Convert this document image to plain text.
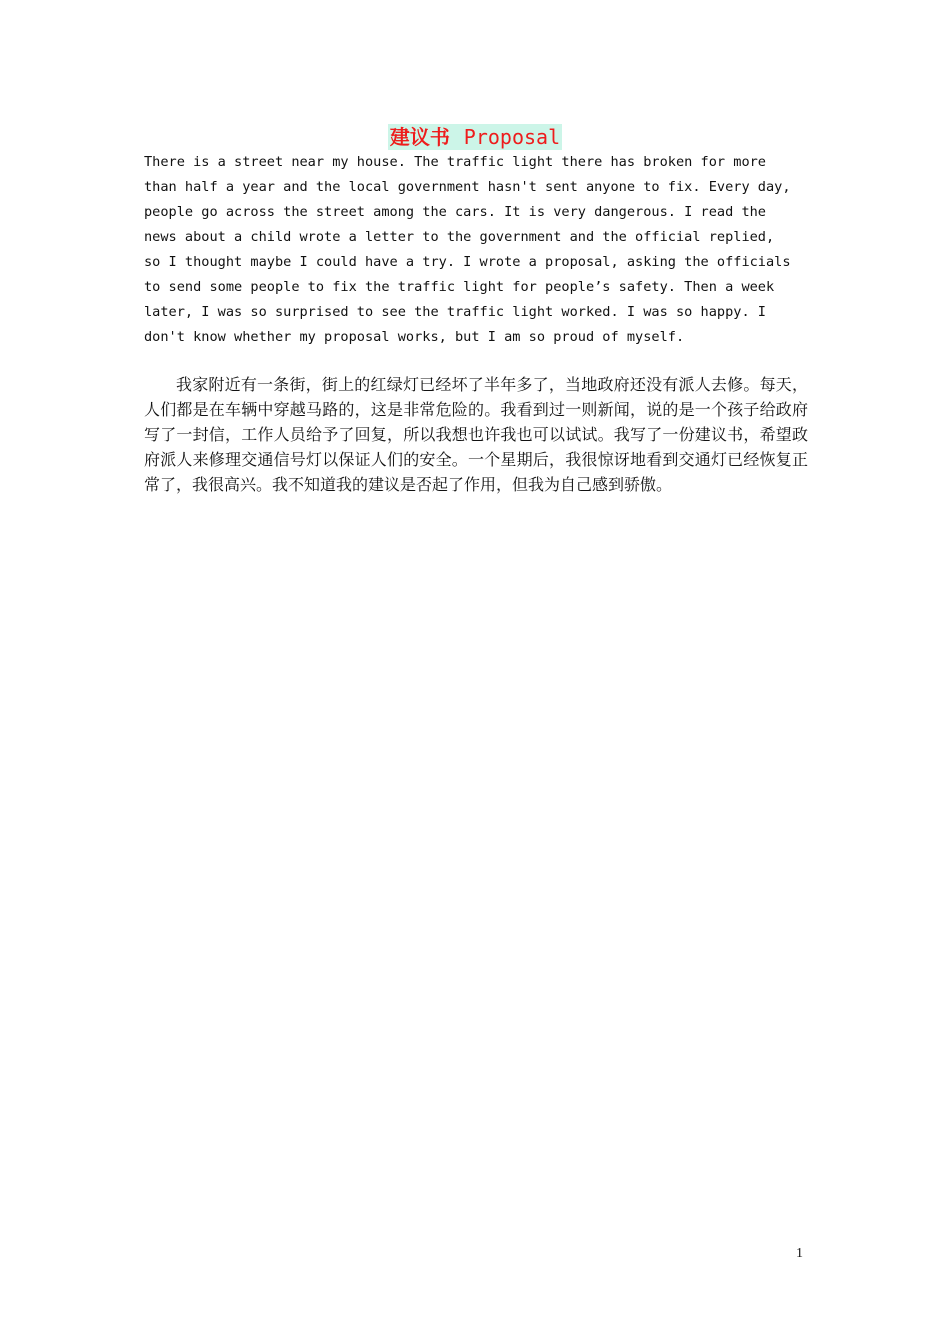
建议书 Proposal
There is a street near my house. The traffic light there has broken for more
than half a year and the local government hasn't sent anyone to fix. Every day,
people go across the street among the cars. It is very dangerous. I read the
news about a child wrote a letter to the government and the official replied,
so I thought maybe I could have a try. I wrote a proposal, asking the officials
to send some people to fix the traffic light for people’s safety. Then a week
later, I was so surprised to see the traffic light worked. I was so happy. I
don't know whether my proposal works, but I am so proud of myself.

我家附近有一条街，街上的红绿灯已经坏了半年多了，当地政府还没有派人去修。每天，人们都是在车辆中穿越马路的，这是非常危险的。我看到过一则新闻，说的是一个孩子给政府写了一封信，工作人员给予了回复，所以我想也许我也可以试试。我写了一份建议书，希望政府派人来修理交通信号灯以保证人们的安全。一个星期后，我很惊讶地看到交通灯已经恢复正常了，我很高兴。我不知道我的建议是否起了作用，但我为自己感到骄傲。

1
